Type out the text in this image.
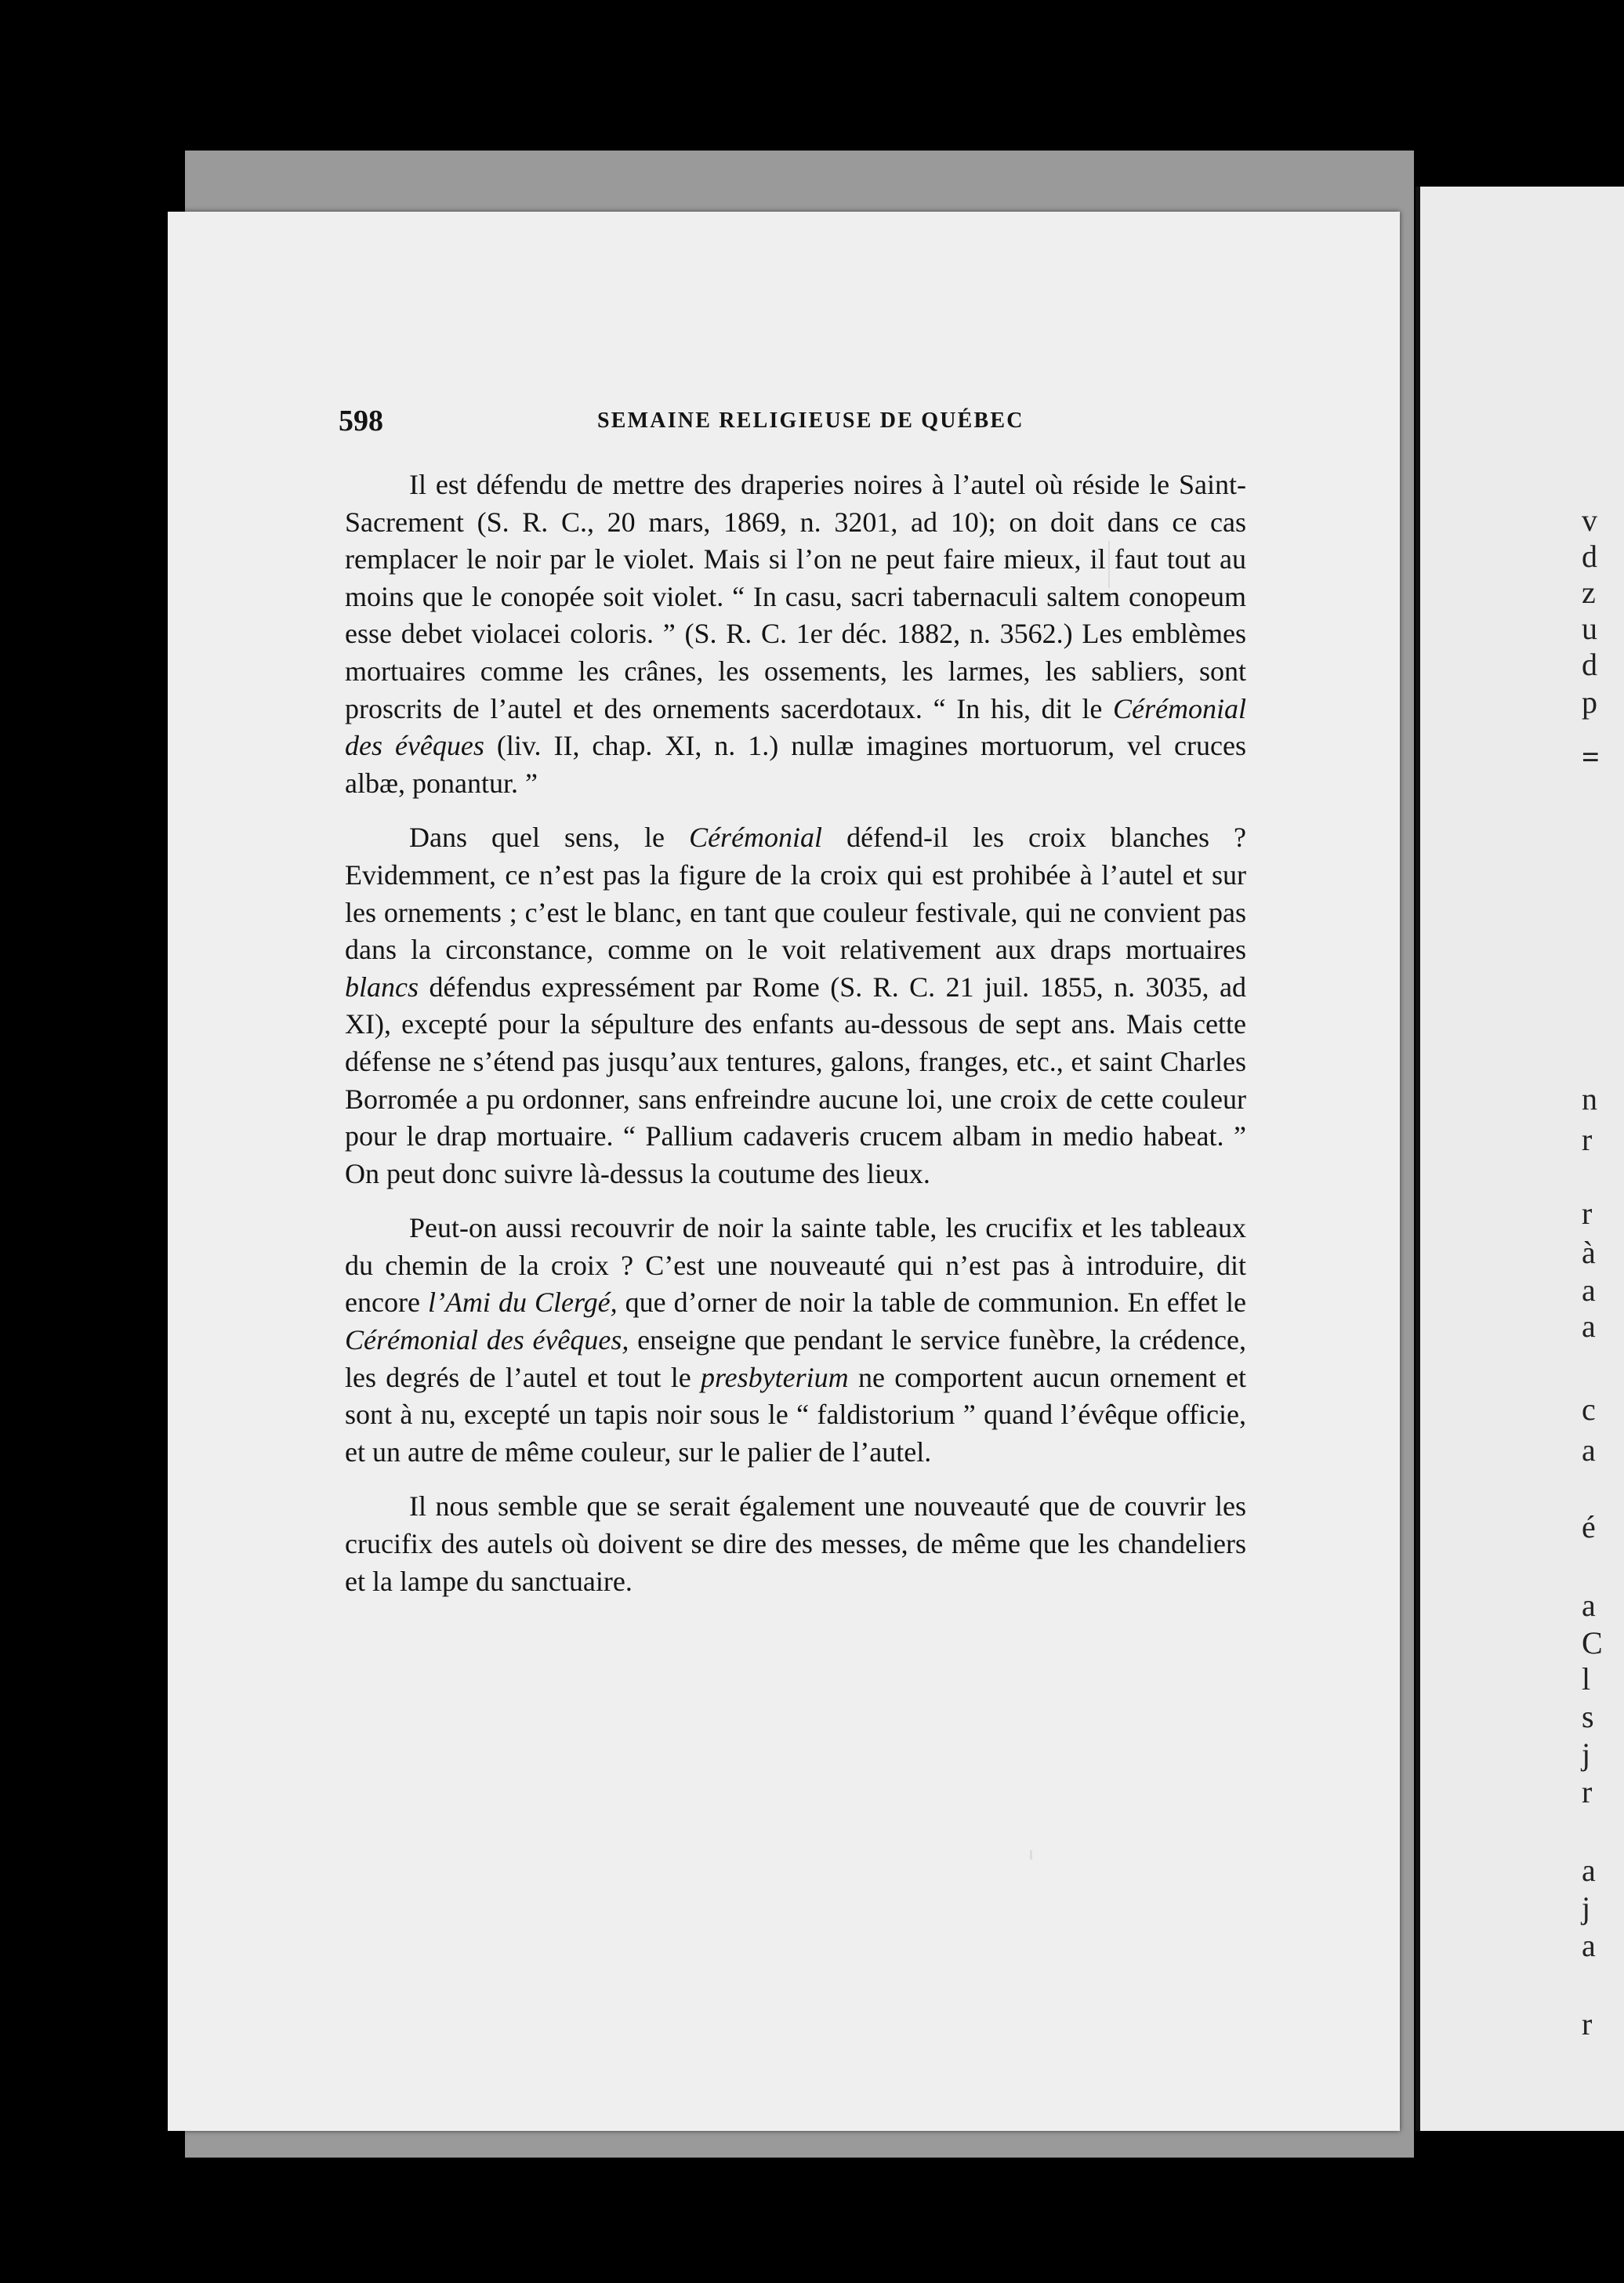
v
d
z
u
d
p
=
n
r
r
à
a
a
c
a
é
a
C
l
s
j
r
a
j
a
r
598	SEMAINE RELIGIEUSE DE QUÉBEC

Il est défendu de mettre des draperies noires à l’autel où réside le Saint-Sacrement (S. R. C., 20 mars, 1869, n. 3201, ad 10); on doit dans ce cas remplacer le noir par le violet. Mais si l’on ne peut faire mieux, il faut tout au moins que le conopée soit violet. “ In casu, sacri tabernaculi saltem conopeum esse debet violacei coloris. ” (S. R. C. 1er déc. 1882, n. 3562.) Les emblèmes mortuaires comme les crânes, les ossements, les larmes, les sabliers, sont proscrits de l’autel et des ornements sacerdotaux. “ In his, dit le Cérémonial des évêques (liv. II, chap. XI, n. 1.) nullæ imagines mortuorum, vel cruces albæ, ponantur. ”

Dans quel sens, le Cérémonial défend-il les croix blanches ? Evidemment, ce n’est pas la figure de la croix qui est prohibée à l’autel et sur les ornements ; c’est le blanc, en tant que couleur festivale, qui ne convient pas dans la circonstance, comme on le voit relativement aux draps mortuaires blancs défendus expressément par Rome (S. R. C. 21 juil. 1855, n. 3035, ad XI), excepté pour la sépulture des enfants au-dessous de sept ans. Mais cette défense ne s’étend pas jusqu’aux tentures, galons, franges, etc., et saint Charles Borromée a pu ordonner, sans enfreindre aucune loi, une croix de cette couleur pour le drap mortuaire. “ Pallium cadaveris crucem albam in medio habeat. ” On peut donc suivre là-dessus la coutume des lieux.

Peut-on aussi recouvrir de noir la sainte table, les crucifix et les tableaux du chemin de la croix ? C’est une nouveauté qui n’est pas à introduire, dit encore l’Ami du Clergé, que d’orner de noir la table de communion. En effet le Cérémonial des évêques, enseigne que pendant le service funèbre, la crédence, les degrés de l’autel et tout le presbyterium ne comportent aucun ornement et sont à nu, excepté un tapis noir sous le “ faldistorium ” quand l’évêque officie, et un autre de même couleur, sur le palier de l’autel.

Il nous semble que se serait également une nouveauté que de couvrir les crucifix des autels où doivent se dire des messes, de même que les chandeliers et la lampe du sanctuaire.
